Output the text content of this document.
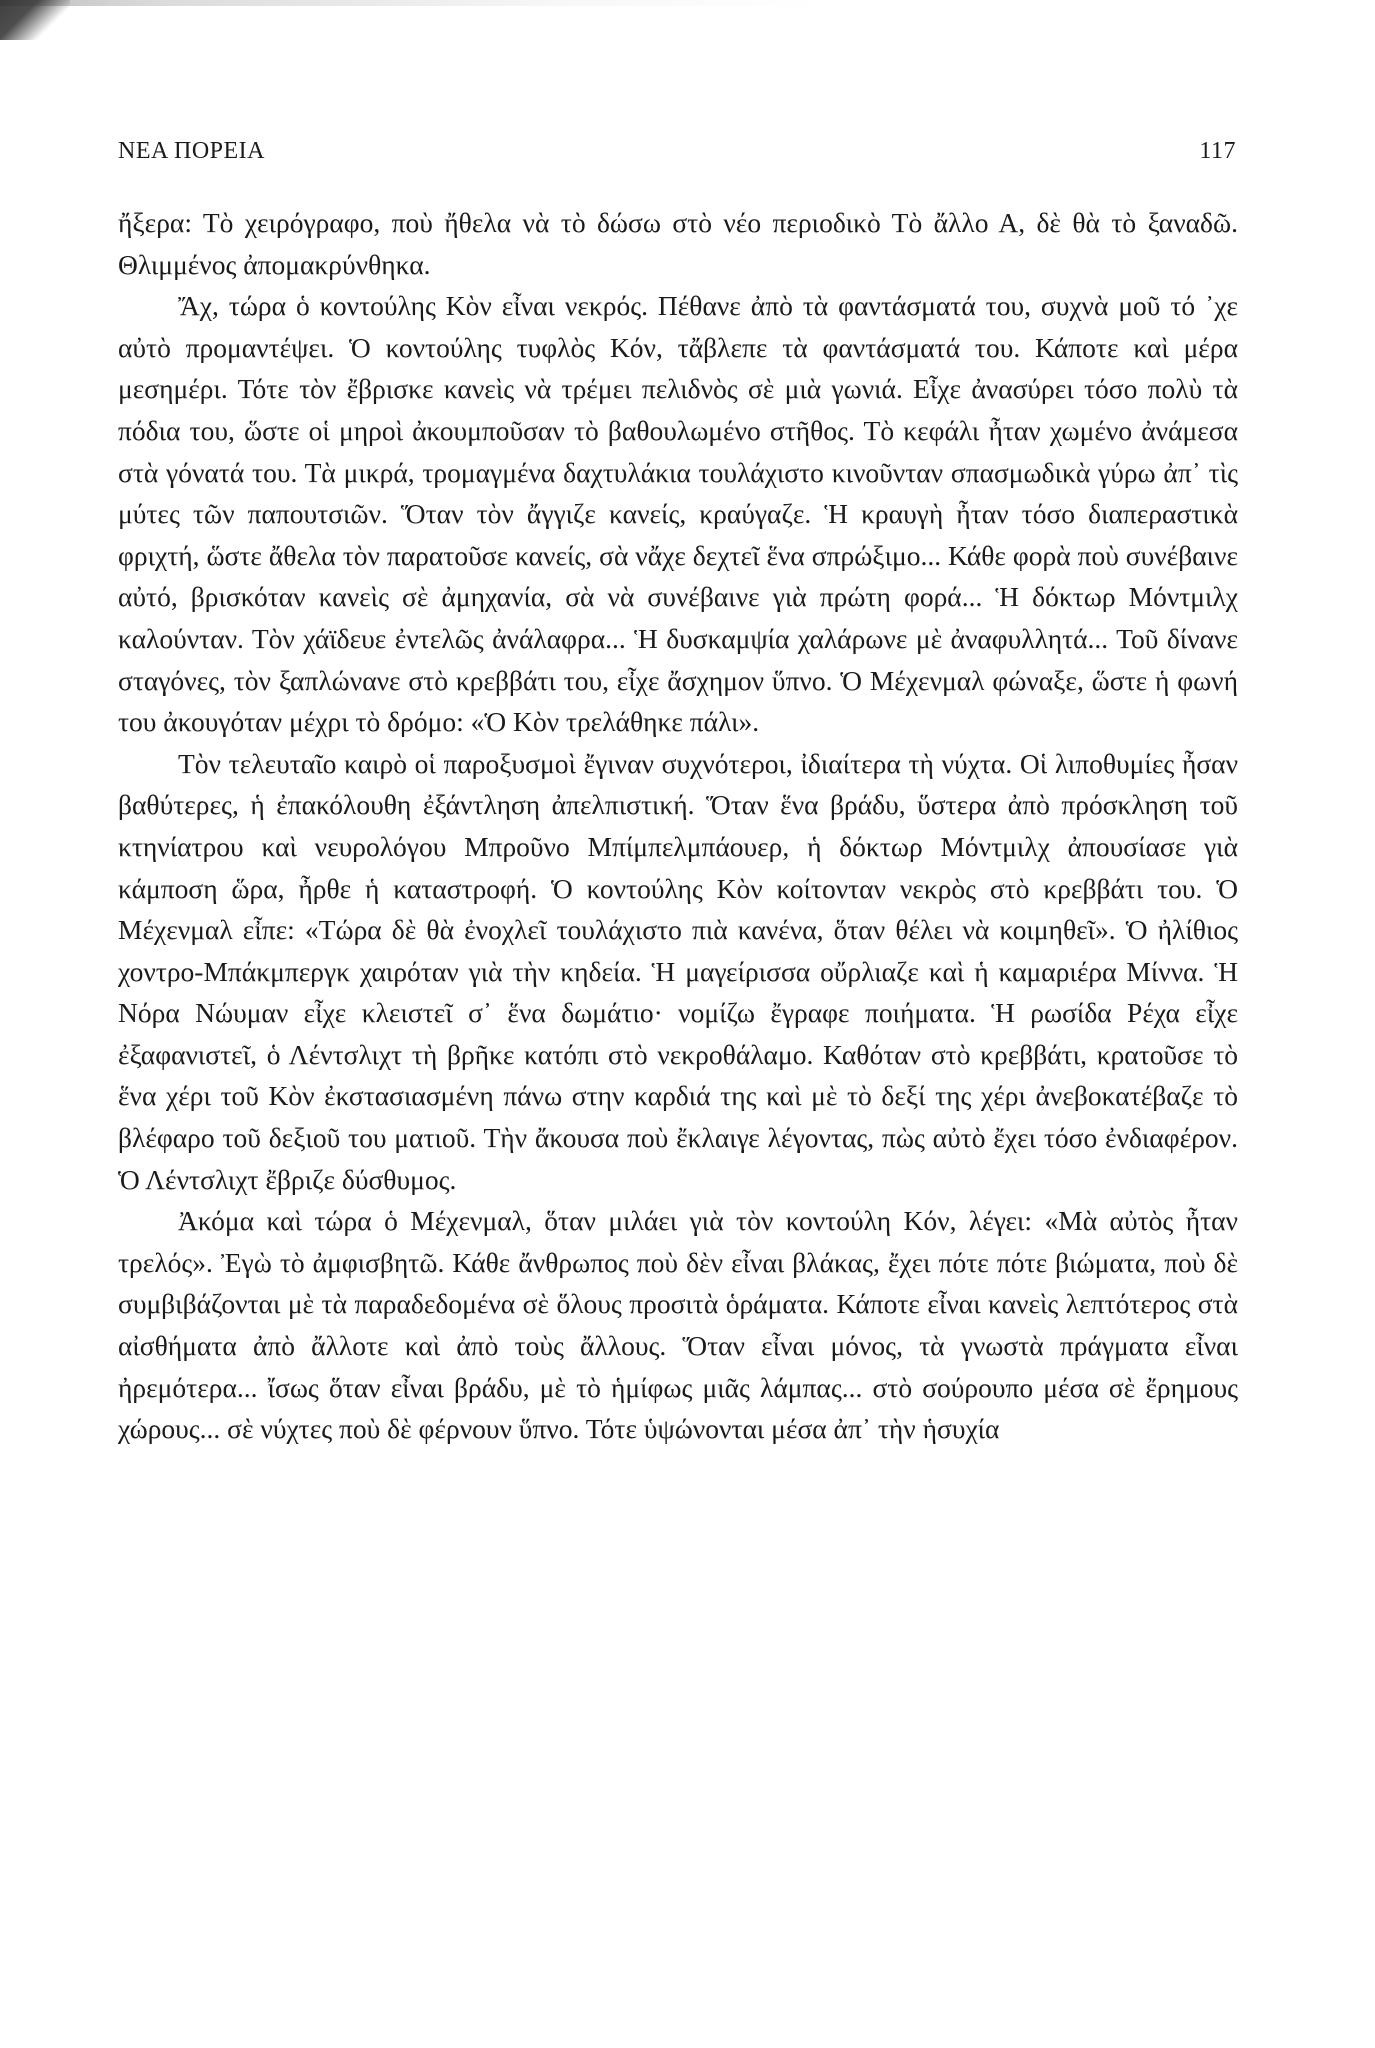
ΝΕΑ ΠΟΡΕΙΑ	117

ἤξερα: Τὸ χειρόγραφο, ποὺ ἤθελα νὰ τὸ δώσω στὸ νέο περιοδικὸ Τὸ ἄλλο Α, δὲ θὰ τὸ ξαναδῶ. Θλιμμένος ἀπομακρύνθηκα.

Ἄχ, τώρα ὁ κοντούλης Κὸν εἶναι νεκρός. Πέθανε ἀπὸ τὰ φαντάσματά του, συχνὰ μοῦ τό ᾽χε αὐτὸ προμαντέψει. Ὁ κοντούλης τυφλὸς Κόν, τἄβλεπε τὰ φαντάσματά του. Κάποτε καὶ μέρα μεσημέρι. Τότε τὸν ἔβρισκε κανεὶς νὰ τρέμει πελιδνὸς σὲ μιὰ γωνιά. Εἶχε ἀνασύρει τόσο πολὺ τὰ πόδια του, ὥστε οἱ μηροὶ ἀκουμποῦσαν τὸ βαθουλωμένο στῆθος. Τὸ κεφάλι ἦταν χωμένο ἀνάμεσα στὰ γόνατά του. Τὰ μικρά, τρομαγμένα δαχτυλάκια τουλάχιστο κινοῦνταν σπασμωδικὰ γύρω ἀπ᾽ τὶς μύτες τῶν παπουτσιῶν. Ὅταν τὸν ἄγγιζε κανείς, κραύγαζε. Ἡ κραυγὴ ἦταν τόσο διαπεραστικὰ φριχτή, ὥστε ἄθελα τὸν παρατοῦσε κανείς, σὰ νἄχε δεχτεῖ ἕνα σπρώξιμο... Κάθε φορὰ ποὺ συνέβαινε αὐτό, βρισκόταν κανεὶς σὲ ἀμηχανία, σὰ νὰ συνέβαινε γιὰ πρώτη φορά... Ἡ δόκτωρ Μόντμιλχ καλούνταν. Τὸν χάϊδευε ἐντελῶς ἀνάλαφρα... Ἡ δυσκαμψία χαλάρωνε μὲ ἀναφυλλητά... Τοῦ δίνανε σταγόνες, τὸν ξαπλώνανε στὸ κρεββάτι του, εἶχε ἄσχημον ὕπνο. Ὁ Μέχενμαλ φώναξε, ὥστε ἡ φωνή του ἀκουγόταν μέχρι τὸ δρόμο: «Ὁ Κὸν τρελάθηκε πάλι».

Τὸν τελευταῖο καιρὸ οἱ παροξυσμοὶ ἔγιναν συχνότεροι, ἰδιαίτερα τὴ νύχτα. Οἱ λιποθυμίες ἦσαν βαθύτερες, ἡ ἐπακόλουθη ἐξάντληση ἀπελπιστική. Ὅταν ἕνα βράδυ, ὕστερα ἀπὸ πρόσκληση τοῦ κτηνίατρου καὶ νευρολόγου Μπροῦνο Μπίμπελμπάουερ, ἡ δόκτωρ Μόντμιλχ ἀπουσίασε γιὰ κάμποση ὥρα, ἦρθε ἡ καταστροφή. Ὁ κοντούλης Κὸν κοίτονταν νεκρὸς στὸ κρεββάτι του. Ὁ Μέχενμαλ εἶπε: «Τώρα δὲ θὰ ἐνοχλεῖ τουλάχιστο πιὰ κανένα, ὅταν θέλει νὰ κοιμηθεῖ». Ὁ ἠλίθιος χοντρο-Μπάκμπεργκ χαιρόταν γιὰ τὴν κηδεία. Ἡ μαγείρισσα οὔρλιαζε καὶ ἡ καμαριέρα Μίννα. Ἡ Νόρα Νώυμαν εἶχε κλειστεῖ σ᾽ ἕνα δωμάτιο· νομίζω ἔγραφε ποιήματα. Ἡ ρωσίδα Ρέχα εἶχε ἐξαφανιστεῖ, ὁ Λέντσλιχτ τὴ βρῆκε κατόπι στὸ νεκροθάλαμο. Καθόταν στὸ κρεββάτι, κρατοῦσε τὸ ἕνα χέρι τοῦ Κὸν ἐκστασιασμένη πάνω στην καρδιά της καὶ μὲ τὸ δεξί της χέρι ἀνεβοκατέβαζε τὸ βλέφαρο τοῦ δεξιοῦ του ματιοῦ. Τὴν ἄκουσα ποὺ ἔκλαιγε λέγοντας, πὼς αὐτὸ ἔχει τόσο ἐνδιαφέρον. Ὁ Λέντσλιχτ ἔβριζε δύσθυμος.

Ἀκόμα καὶ τώρα ὁ Μέχενμαλ, ὅταν μιλάει γιὰ τὸν κοντούλη Κόν, λέγει: «Μὰ αὐτὸς ἦταν τρελός». Ἐγὼ τὸ ἀμφισβητῶ. Κάθε ἄνθρωπος ποὺ δὲν εἶναι βλάκας, ἔχει πότε πότε βιώματα, ποὺ δὲ συμβιβάζονται μὲ τὰ παραδεδομένα σὲ ὅλους προσιτὰ ὁράματα. Κάποτε εἶναι κανεὶς λεπτότερος στὰ αἰσθήματα ἀπὸ ἄλλοτε καὶ ἀπὸ τοὺς ἄλλους. Ὅταν εἶναι μόνος, τὰ γνωστὰ πράγματα εἶναι ἠρεμότερα... ἴσως ὅταν εἶναι βράδυ, μὲ τὸ ἡμίφως μιᾶς λάμπας... στὸ σούρουπο μέσα σὲ ἔρημους χώρους... σὲ νύχτες ποὺ δὲ φέρνουν ὕπνο. Τότε ὑψώνονται μέσα ἀπ᾽ τὴν ἡσυχία
